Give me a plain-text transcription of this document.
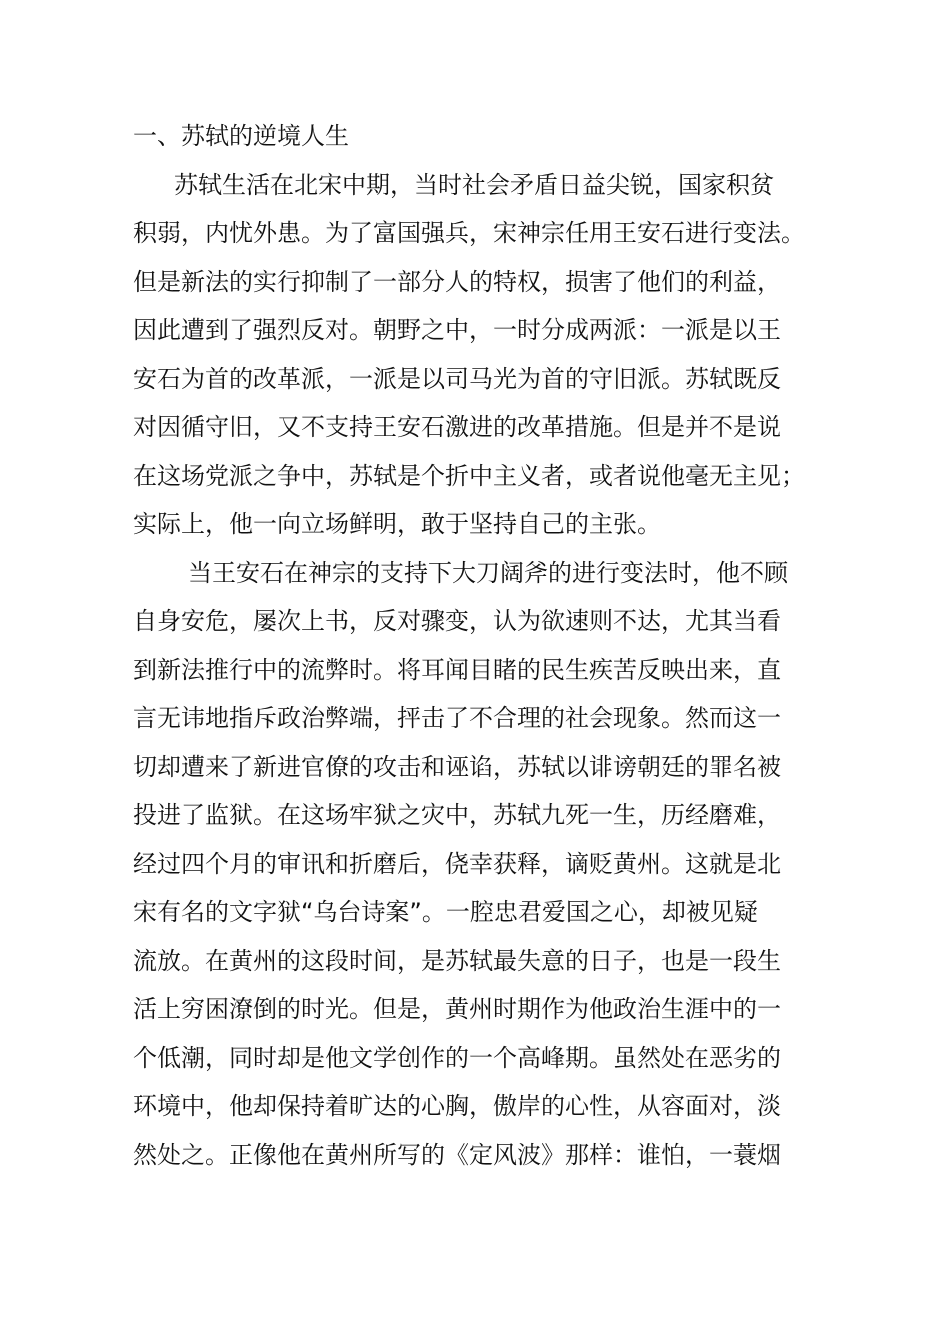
一、苏轼的逆境人生

苏轼生活在北宋中期，当时社会矛盾日益尖锐，国家积贫
积弱，内忧外患。为了富国强兵，宋神宗任用王安石进行变法。
但是新法的实行抑制了一部分人的特权，损害了他们的利益，
因此遭到了强烈反对。朝野之中，一时分成两派：一派是以王
安石为首的改革派，一派是以司马光为首的守旧派。苏轼既反
对因循守旧，又不支持王安石激进的改革措施。但是并不是说
在这场党派之争中，苏轼是个折中主义者，或者说他毫无主见；
实际上，他一向立场鲜明，敢于坚持自己的主张。

当王安石在神宗的支持下大刀阔斧的进行变法时，他不顾
自身安危，屡次上书，反对骤变，认为欲速则不达，尤其当看
到新法推行中的流弊时。将耳闻目睹的民生疾苦反映出来，直
言无讳地指斥政治弊端，抨击了不合理的社会现象。然而这一
切却遭来了新进官僚的攻击和诬谄，苏轼以诽谤朝廷的罪名被
投进了监狱。在这场牢狱之灾中，苏轼九死一生，历经磨难，
经过四个月的审讯和折磨后，侥幸获释，谪贬黄州。这就是北
宋有名的文字狱“乌台诗案”。一腔忠君爱国之心，却被见疑
流放。在黄州的这段时间，是苏轼最失意的日子，也是一段生
活上穷困潦倒的时光。但是，黄州时期作为他政治生涯中的一
个低潮，同时却是他文学创作的一个高峰期。虽然处在恶劣的
环境中，他却保持着旷达的心胸，傲岸的心性，从容面对，淡
然处之。正像他在黄州所写的《定风波》那样：谁怕，一蓑烟
